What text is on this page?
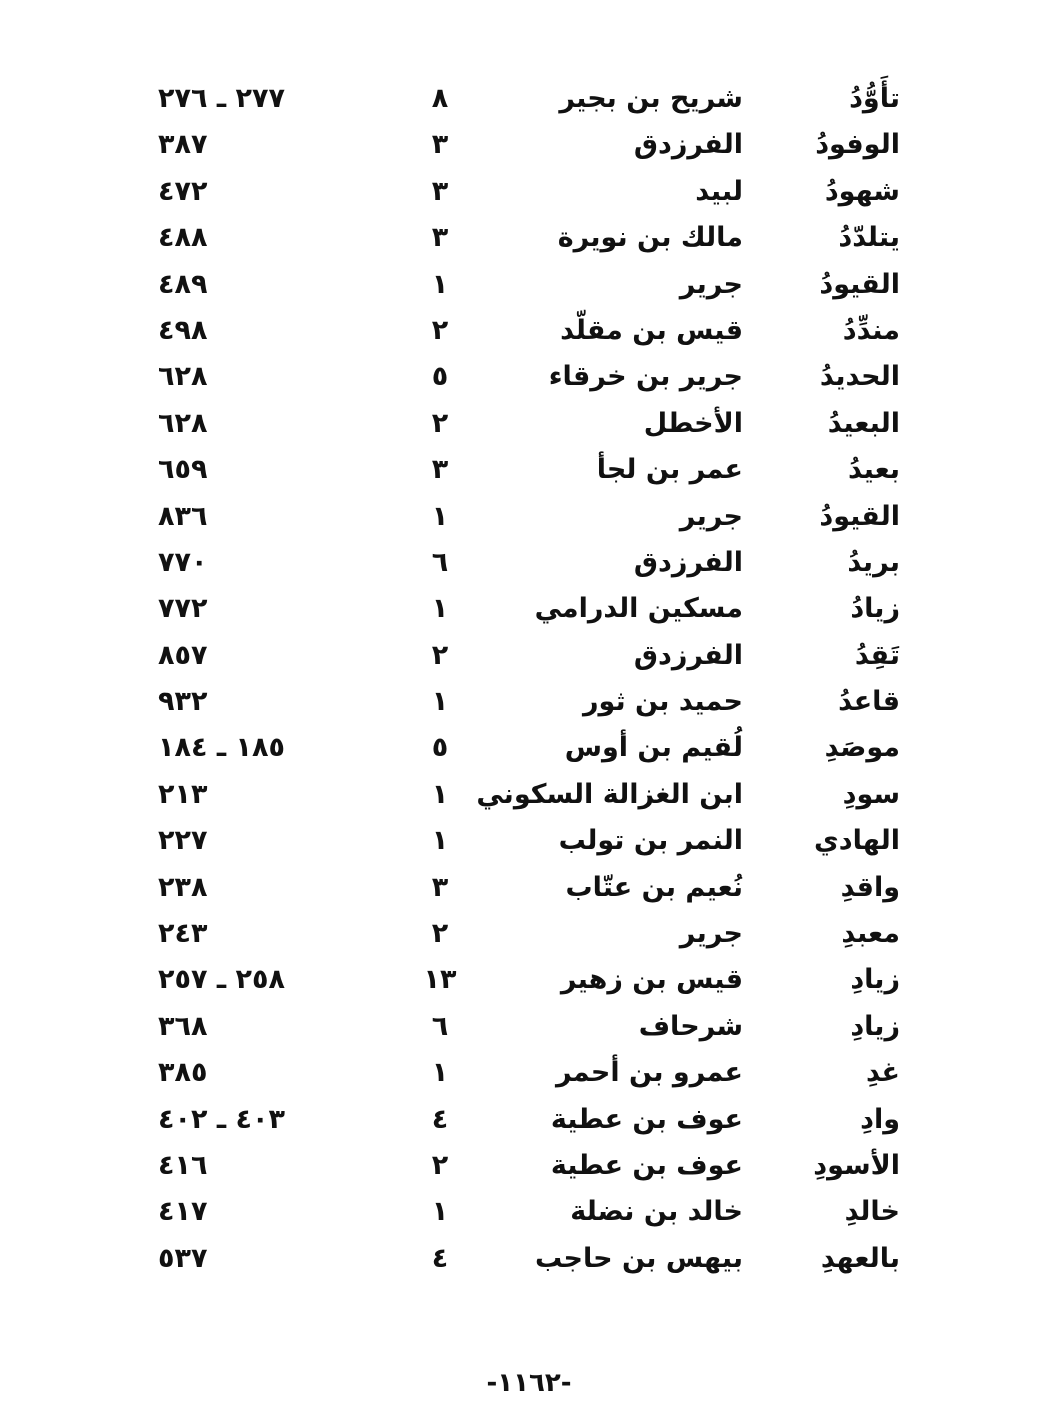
تأَوُّدُ
شريح بن بجير
٨
٢٧٧ ـ ٢٧٦
الوفودُ
الفرزدق
٣
٣٨٧
شهودُ
لبيد
٣
٤٧٢
يتلدّدُ
مالك بن نويرة
٣
٤٨٨
القيودُ
جرير
١
٤٨٩
مندِّدُ
قيس بن مقلّد
٢
٤٩٨
الحديدُ
جرير بن خرقاء
٥
٦٢٨
البعيدُ
الأخطل
٢
٦٢٨
بعيدُ
عمر بن لجأ
٣
٦٥٩
القيودُ
جرير
١
٨٣٦
بريدُ
الفرزدق
٦
٧٧٠
زيادُ
مسكين الدرامي
١
٧٧٢
تَقِدُ
الفرزدق
٢
٨٥٧
قاعدُ
حميد بن ثور
١
٩٣٢
موصَدِ
لُقيم بن أوس
٥
١٨٥ ـ ١٨٤
سودِ
ابن الغزالة السكوني
١
٢١٣
الهادي
النمر بن تولب
١
٢٢٧
واقدِ
نُعيم بن عتّاب
٣
٢٣٨
معبدِ
جرير
٢
٢٤٣
زيادِ
قيس بن زهير
١٣
٢٥٨ ـ ٢٥٧
زيادِ
شرحاف
٦
٣٦٨
غدِ
عمرو بن أحمر
١
٣٨٥
وادِ
عوف بن عطية
٤
٤٠٣ ـ ٤٠٢
الأسودِ
عوف بن عطية
٢
٤١٦
خالدِ
خالد بن نضلة
١
٤١٧
بالعهدِ
بيهس بن حاجب
٤
٥٣٧
-١١٦٢-
